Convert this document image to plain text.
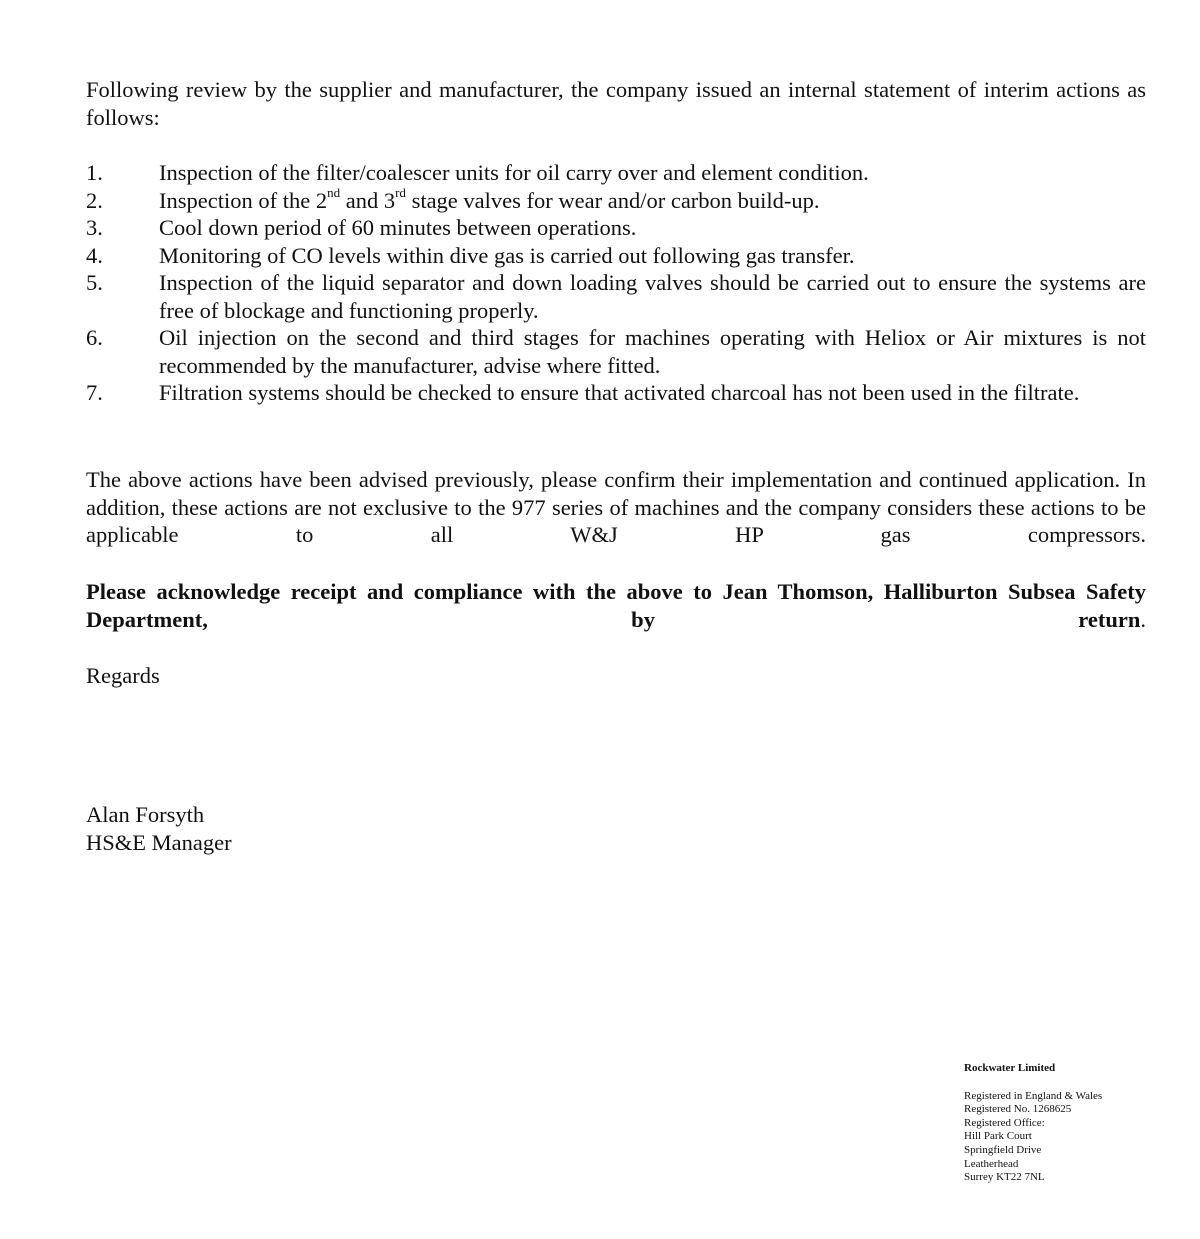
Following review by the supplier and manufacturer, the company issued an internal statement of interim actions as follows:

1.	Inspection of the filter/coalescer units for oil carry over and element condition.
2.	Inspection of the 2nd and 3rd stage valves for wear and/or carbon build-up.
3.	Cool down period of 60 minutes between operations.
4.	Monitoring of CO levels within dive gas is carried out following gas transfer.
5.	Inspection of the liquid separator and down loading valves should be carried out to ensure the systems are free of blockage and functioning properly.
6.	Oil injection on the second and third stages for machines operating with Heliox or Air mixtures is not recommended by the manufacturer, advise where fitted.
7.	Filtration systems should be checked to ensure that activated charcoal has not been used in the filtrate.

The above actions have been advised previously, please confirm their implementation and continued application. In addition, these actions are not exclusive to the 977 series of machines and the company considers these actions to be applicable to all W&J HP gas compressors.

Please acknowledge receipt and compliance with the above to Jean Thomson, Halliburton Subsea Safety Department, by return.

Regards

Alan Forsyth

HS&E Manager

Rockwater Limited
Registered in England & Wales
Registered No. 1268625
Registered Office:
Hill Park Court
Springfield Drive
Leatherhead
Surrey KT22 7NL
